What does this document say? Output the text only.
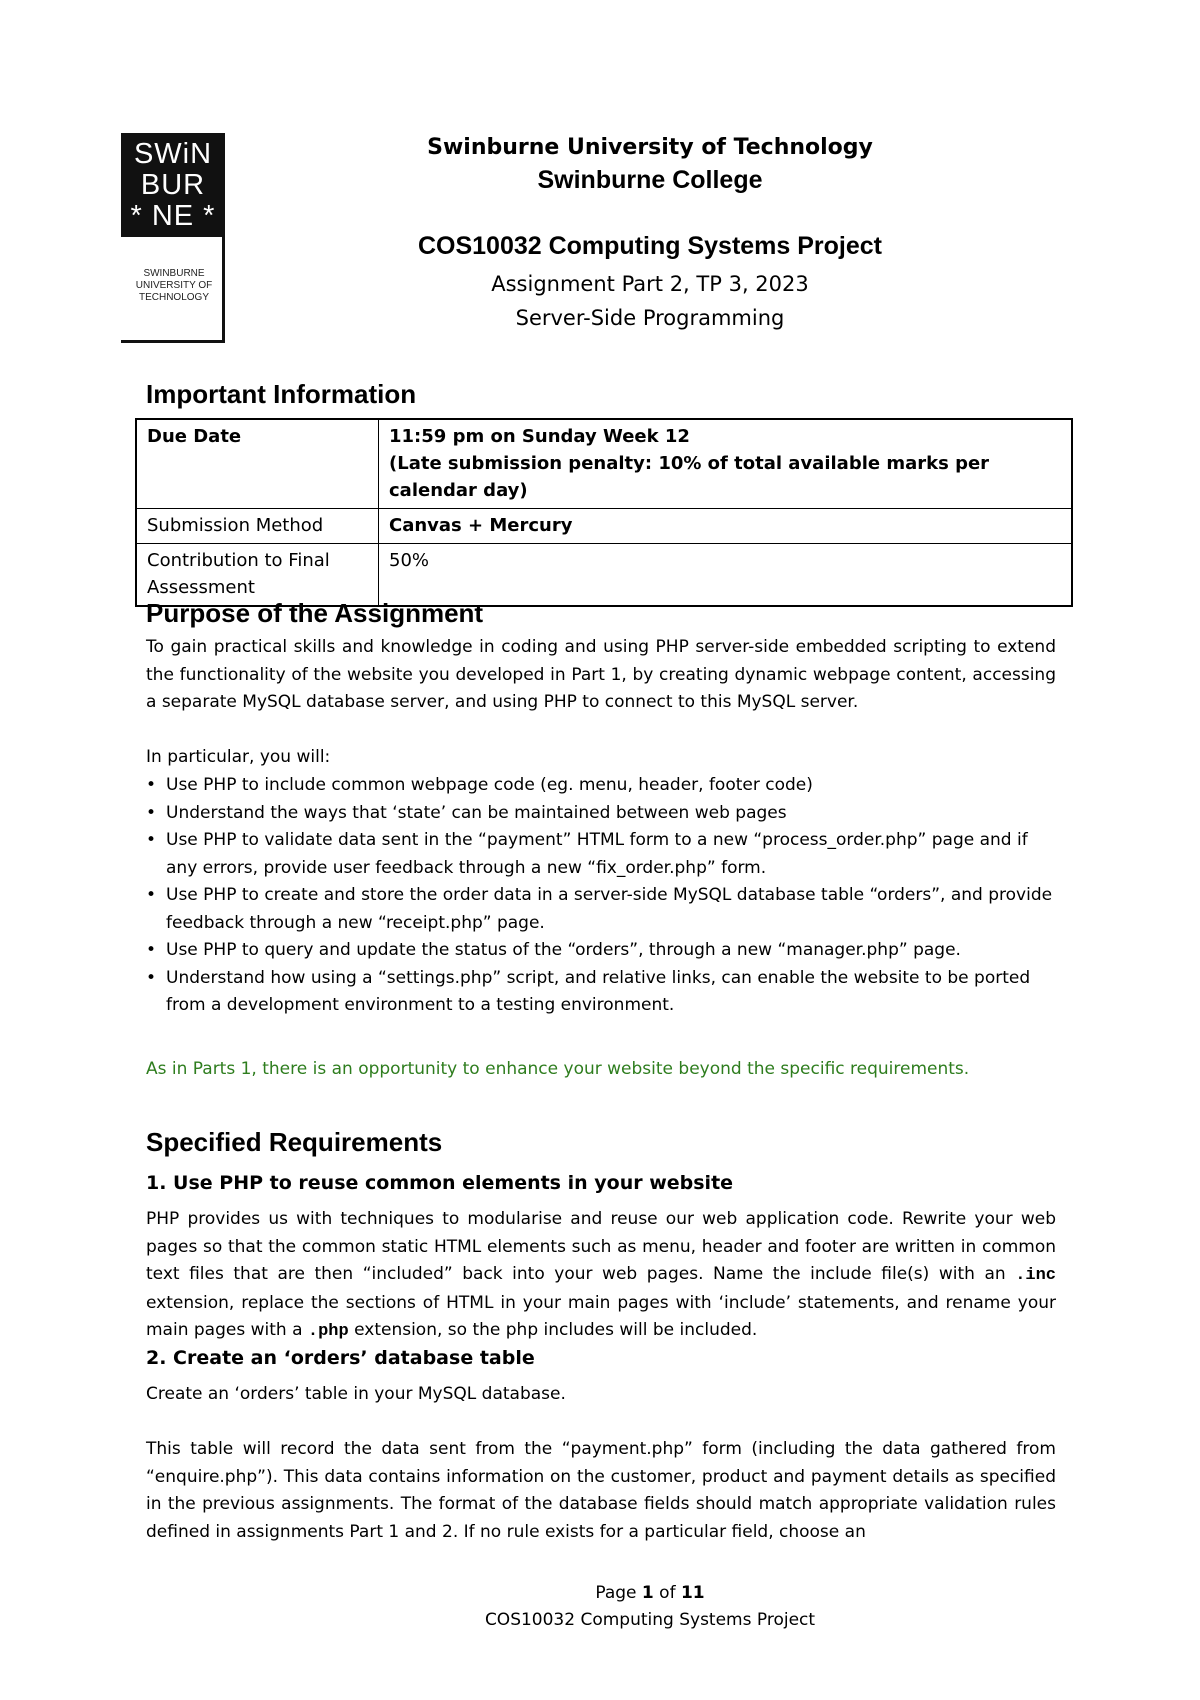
SWiN
BUR
* NE *
SWINBURNE
UNIVERSITY OF
TECHNOLOGY
Swinburne University of Technology
Swinburne College
COS10032 Computing Systems Project
Assignment Part 2, TP 3, 2023
Server-Side Programming
Important Information
Due Date	11:59 pm on Sunday Week 12
(Late submission penalty: 10% of total available marks per calendar day)

Submission Method	Canvas + Mercury
Contribution to Final Assessment	50%
Purpose of the Assignment
To gain practical skills and knowledge in coding and using PHP server-side embedded scripting to extend the functionality of the website you developed in Part 1, by creating dynamic webpage content, accessing a separate MySQL database server, and using PHP to connect to this MySQL server.
In particular, you will:
• Use PHP to include common webpage code (eg. menu, header, footer code)
• Understand the ways that ‘state’ can be maintained between web pages
• Use PHP to validate data sent in the “payment” HTML form to a new “process_order.php” page and if any errors, provide user feedback through a new “fix_order.php” form.
• Use PHP to create and store the order data in a server-side MySQL database table “orders”, and provide feedback through a new “receipt.php” page.
• Use PHP to query and update the status of the “orders”, through a new “manager.php” page.
• Understand how using a “settings.php” script, and relative links, can enable the website to be ported from a development environment to a testing environment.
As in Parts 1, there is an opportunity to enhance your website beyond the specific requirements.
Specified Requirements
1. Use PHP to reuse common elements in your website
PHP provides us with techniques to modularise and reuse our web application code. Rewrite your web pages so that the common static HTML elements such as menu, header and footer are written in common text files that are then “included” back into your web pages. Name the include file(s) with an .inc extension, replace the sections of HTML in your main pages with ‘include’ statements, and rename your main pages with a .php extension, so the php includes will be included.
2. Create an ‘orders’ database table
Create an ‘orders’ table in your MySQL database.
This table will record the data sent from the “payment.php” form (including the data gathered from “enquire.php”). This data contains information on the customer, product and payment details as specified in the previous assignments. The format of the database fields should match appropriate validation rules defined in assignments Part 1 and 2. If no rule exists for a particular field, choose an
Page 1 of 11
COS10032 Computing Systems Project
